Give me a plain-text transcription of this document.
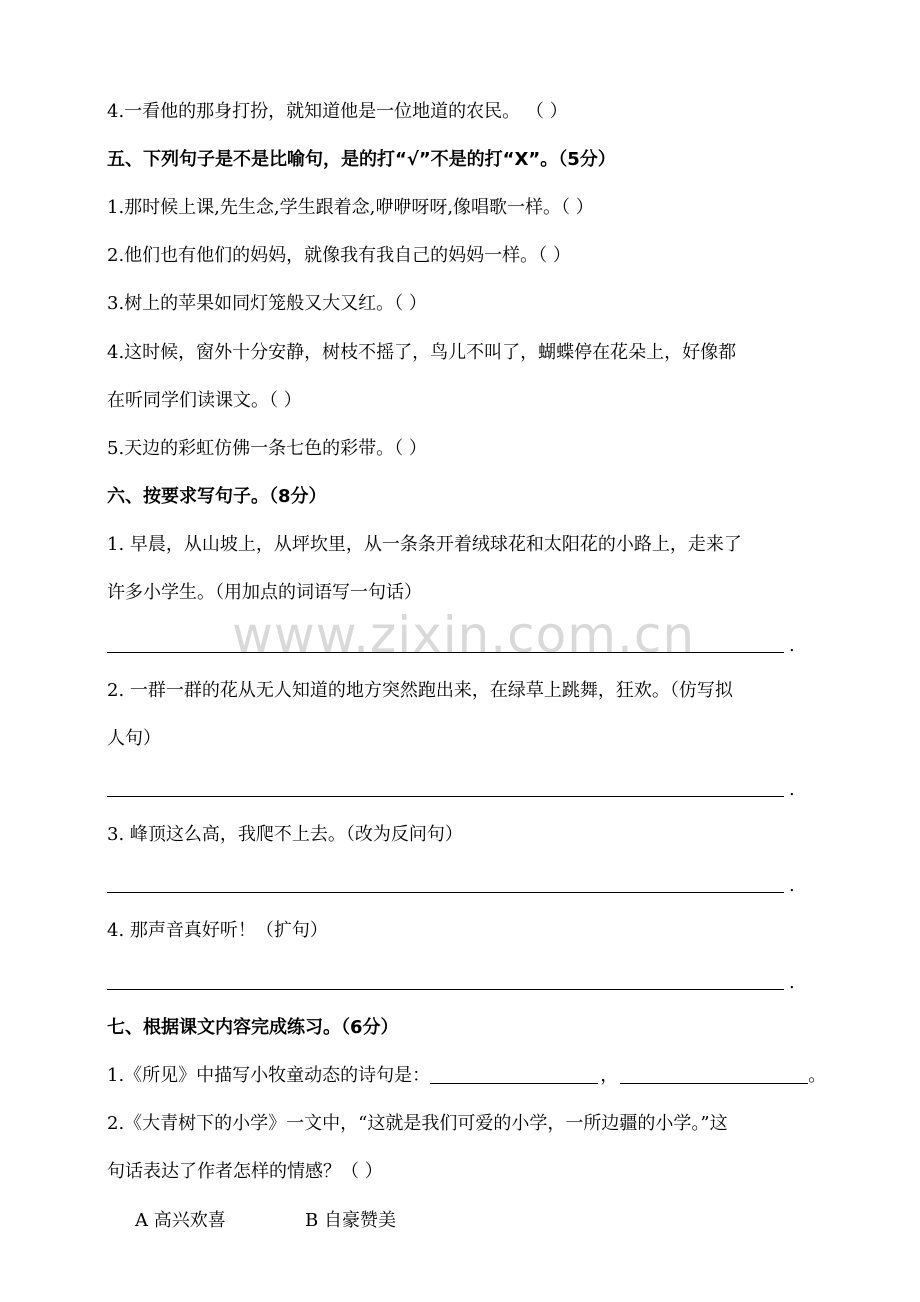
www.zixin.com.cn
4.一看他的那身打扮，就知道他是一位地道的农民。 （ ）
五、下列句子是不是比喻句，是的打“√”不是的打“X”。（5分）
1.那时候上课,先生念,学生跟着念,咿咿呀呀,像唱歌一样。（ ）
2.他们也有他们的妈妈，就像我有我自己的妈妈一样。（ ）
3.树上的苹果如同灯笼般又大又红。（ ）
4.这时候，窗外十分安静，树枝不摇了，鸟儿不叫了，蝴蝶停在花朵上，好像都
在听同学们读课文。（ ）
5.天边的彩虹仿佛一条七色的彩带。（ ）
六、按要求写句子。（8分）
1. 早晨，从山坡上，从坪坎里，从一条条开着绒球花和太阳花的小路上，走来了
许多小学生。（用加点的词语写一句话）
.
2. 一群一群的花从无人知道的地方突然跑出来，在绿草上跳舞，狂欢。（仿写拟
人句）
.
3. 峰顶这么高，我爬不上去。（改为反问句）
.
4. 那声音真好听！（扩句）
.
七、根据课文内容完成练习。（6分）
1.《所见》中描写小牧童动态的诗句是：	，	。
2.《大青树下的小学》一文中，“这就是我们可爱的小学，一所边疆的小学。”这
句话表达了作者怎样的情感？（ ）
A 高兴欢喜	B 自豪赞美
